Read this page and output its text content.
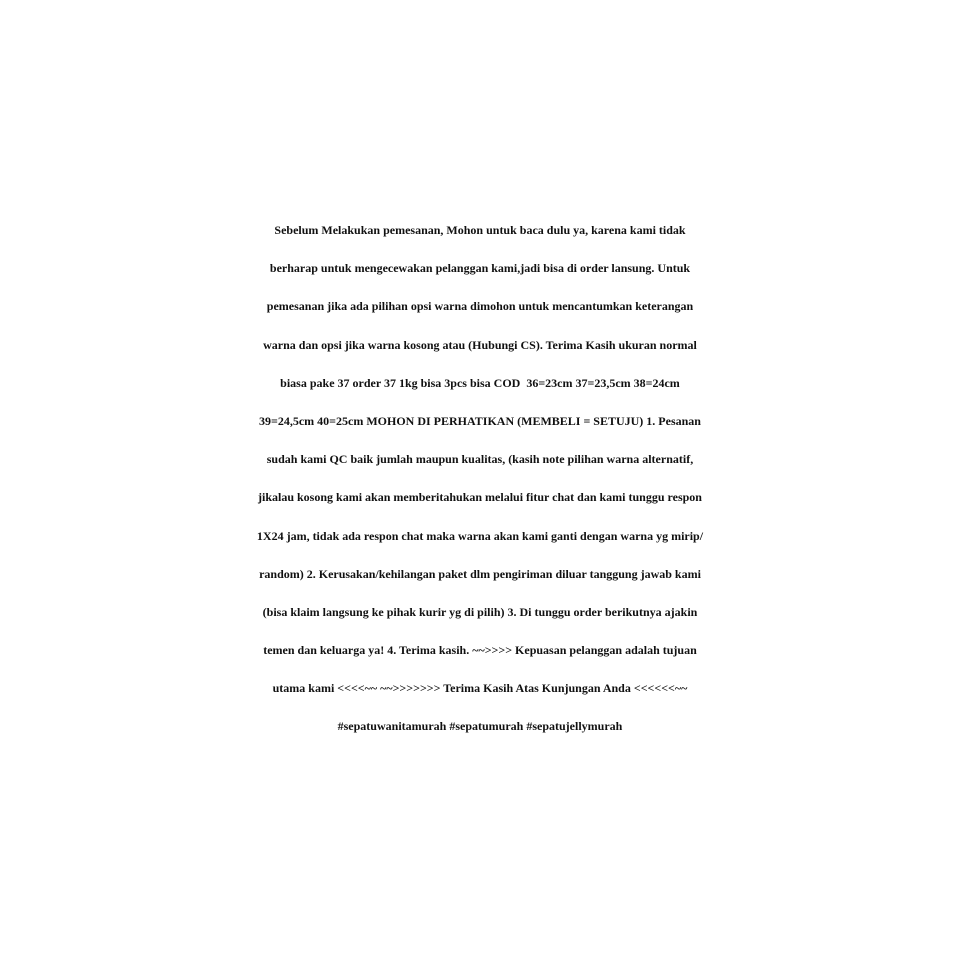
Sebelum Melakukan pemesanan, Mohon untuk baca dulu ya, karena kami tidak
berharap untuk mengecewakan pelanggan kami,jadi bisa di order lansung. Untuk
pemesanan jika ada pilihan opsi warna dimohon untuk mencantumkan keterangan
warna dan opsi jika warna kosong atau (Hubungi CS). Terima Kasih ukuran normal
biasa pake 37 order 37 1kg bisa 3pcs bisa COD  36=23cm 37=23,5cm 38=24cm
39=24,5cm 40=25cm MOHON DI PERHATIKAN (MEMBELI = SETUJU) 1. Pesanan
sudah kami QC baik jumlah maupun kualitas, (kasih note pilihan warna alternatif,
jikalau kosong kami akan memberitahukan melalui fitur chat dan kami tunggu respon
1X24 jam, tidak ada respon chat maka warna akan kami ganti dengan warna yg mirip/
random) 2. Kerusakan/kehilangan paket dlm pengiriman diluar tanggung jawab kami
(bisa klaim langsung ke pihak kurir yg di pilih) 3. Di tunggu order berikutnya ajakin
temen dan keluarga ya! 4. Terima kasih. ~~>>>> Kepuasan pelanggan adalah tujuan
utama kami <<<<~~ ~~>>>>>>> Terima Kasih Atas Kunjungan Anda <<<<<<~~
#sepatuwanitamurah #sepatumurah #sepatujellymurah
